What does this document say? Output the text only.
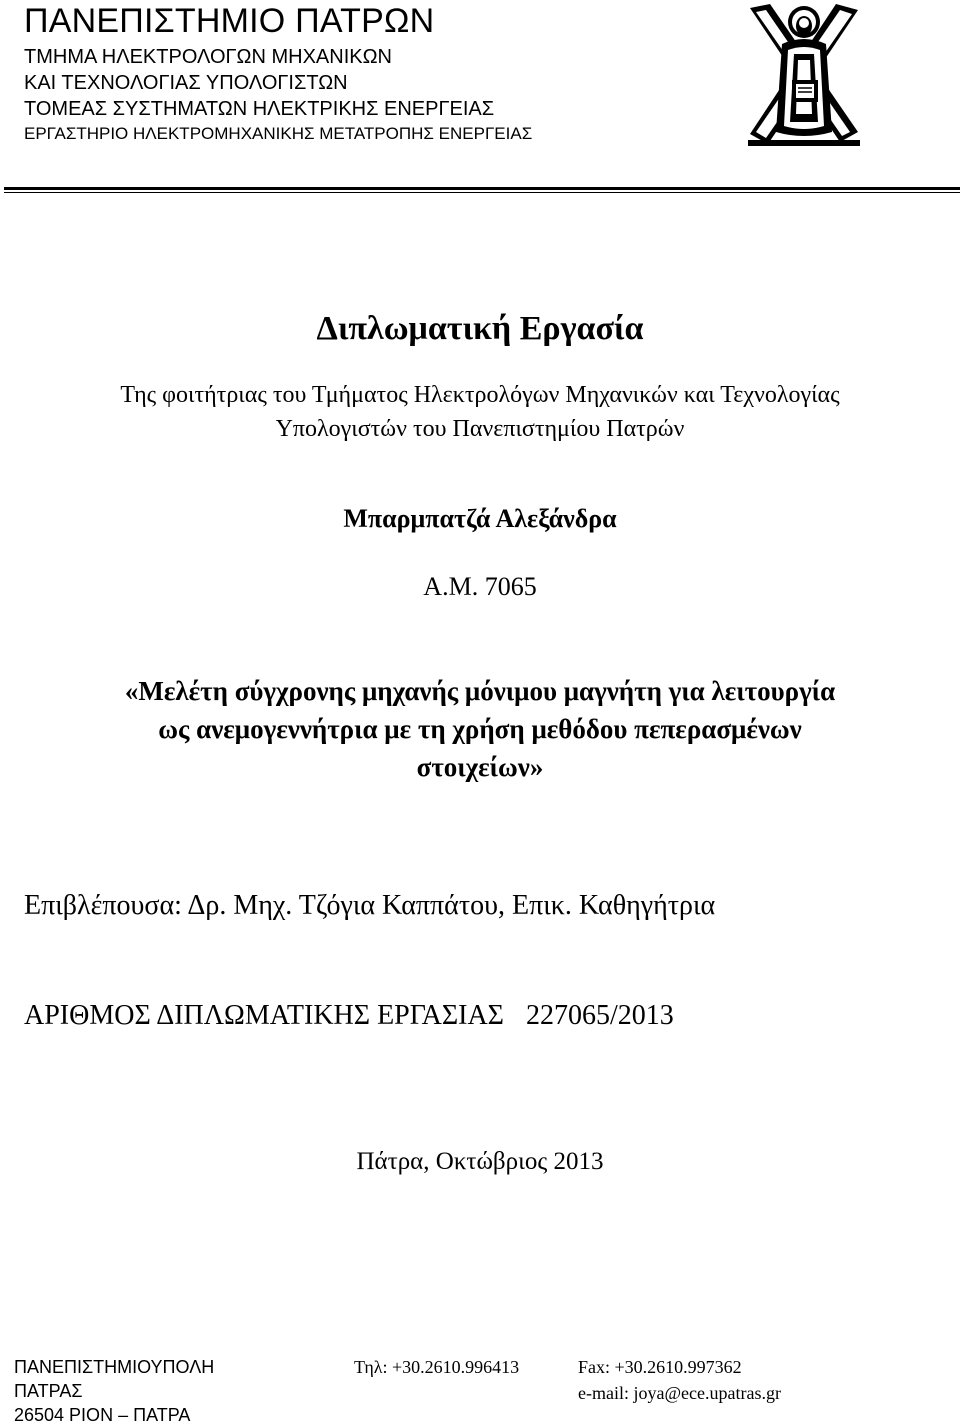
ΠΑΝΕΠΙΣΤΗΜΙΟ ΠΑΤΡΩΝ
ΤΜΗΜΑ ΗΛΕΚΤΡΟΛΟΓΩΝ ΜΗΧΑΝΙΚΩΝ
ΚΑΙ ΤΕΧΝΟΛΟΓΙΑΣ ΥΠΟΛΟΓΙΣΤΩΝ
ΤΟΜΕΑΣ ΣΥΣΤΗΜΑΤΩΝ ΗΛΕΚΤΡΙΚΗΣ ΕΝΕΡΓΕΙΑΣ
ΕΡΓΑΣΤΗΡΙΟ ΗΛΕΚΤΡΟΜΗΧΑΝΙΚΗΣ ΜΕΤΑΤΡΟΠΗΣ ΕΝΕΡΓΕΙΑΣ
Διπλωματική Εργασία
Της φοιτήτριας του Τμήματος Ηλεκτρολόγων Μηχανικών και Τεχνολογίας
Υπολογιστών του Πανεπιστημίου Πατρών
Μπαρμπατζά Αλεξάνδρα
Α.Μ. 7065
«Μελέτη σύγχρονης μηχανής μόνιμου μαγνήτη για λειτουργία
ως ανεμογεννήτρια με τη χρήση μεθόδου πεπερασμένων
στοιχείων»
Επιβλέπουσα: Δρ. Μηχ. Τζόγια Καππάτου, Επικ. Καθηγήτρια
ΑΡΙΘΜΟΣ ΔΙΠΛΩΜΑΤΙΚΗΣ ΕΡΓΑΣΙΑΣ 227065/2013
Πάτρα, Οκτώβριος 2013
ΠΑΝΕΠΙΣΤΗΜΙΟΥΠΟΛΗ
ΠΑΤΡΑΣ
26504 ΡΙΟΝ – ΠΑΤΡΑ
Τηλ: +30.2610.996413	Fax: +30.2610.997362
e-mail: joya@ece.upatras.gr
